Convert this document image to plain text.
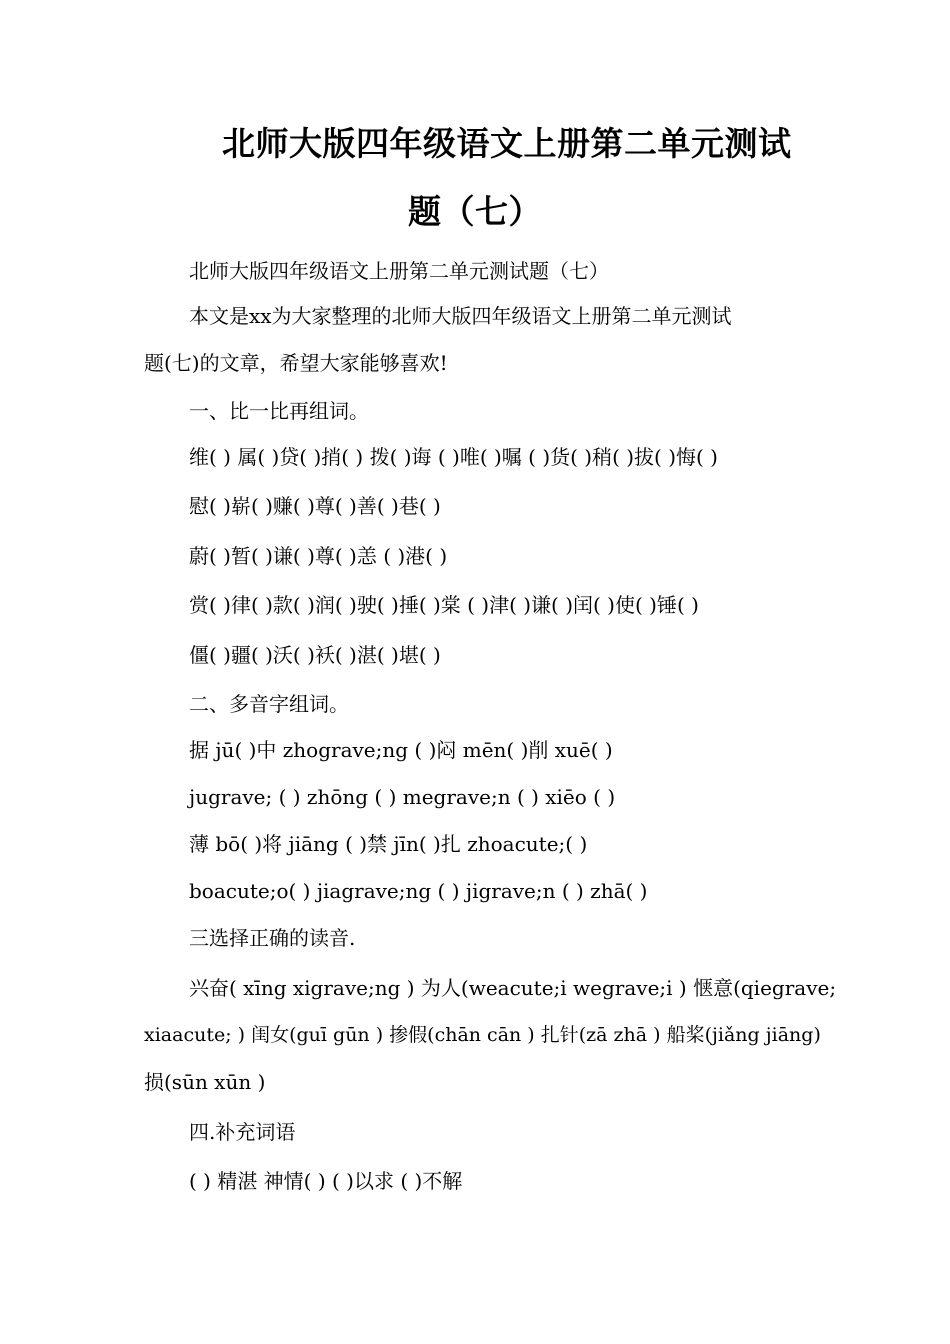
北师大版四年级语文上册第二单元测试
题（七）
北师大版四年级语文上册第二单元测试题（七）
本文是xx为大家整理的北师大版四年级语文上册第二单元测试
题(七)的文章，希望大家能够喜欢!
一、比一比再组词。
维( ) 属( )贷( )捎( ) 拨( )诲 ( )唯( )嘱 ( )货( )稍( )拔( )悔( )
慰( )崭( )赚( )尊( )善( )巷( )
蔚( )暂( )谦( )尊( )恙 ( )港( )
赏( )律( )款( )润( )驶( )捶( )棠 ( )津( )谦( )闰( )使( )锤( )
僵( )疆( )沃( )袄( )湛( )堪( )
二、多音字组词。
据 jū( )中 zhograve;ng ( )闷 mēn( )削 xuē( )
jugrave; ( ) zhōng ( ) megrave;n ( ) xiēo ( )
薄 bō( )将 jiāng ( )禁 jīn( )扎 zhoacute;( )
boacute;o( ) jiagrave;ng ( ) jigrave;n ( ) zhā( )
三选择正确的读音.
兴奋( xīng xigrave;ng ) 为人(weacute;i wegrave;i ) 惬意(qiegrave;
xiaacute; ) 闺女(guī gūn ) 掺假(chān cān ) 扎针(zā zhā ) 船桨(jiǎng jiāng)
损(sūn xūn )
四.补充词语
( ) 精湛 神情( ) ( )以求 ( )不解
